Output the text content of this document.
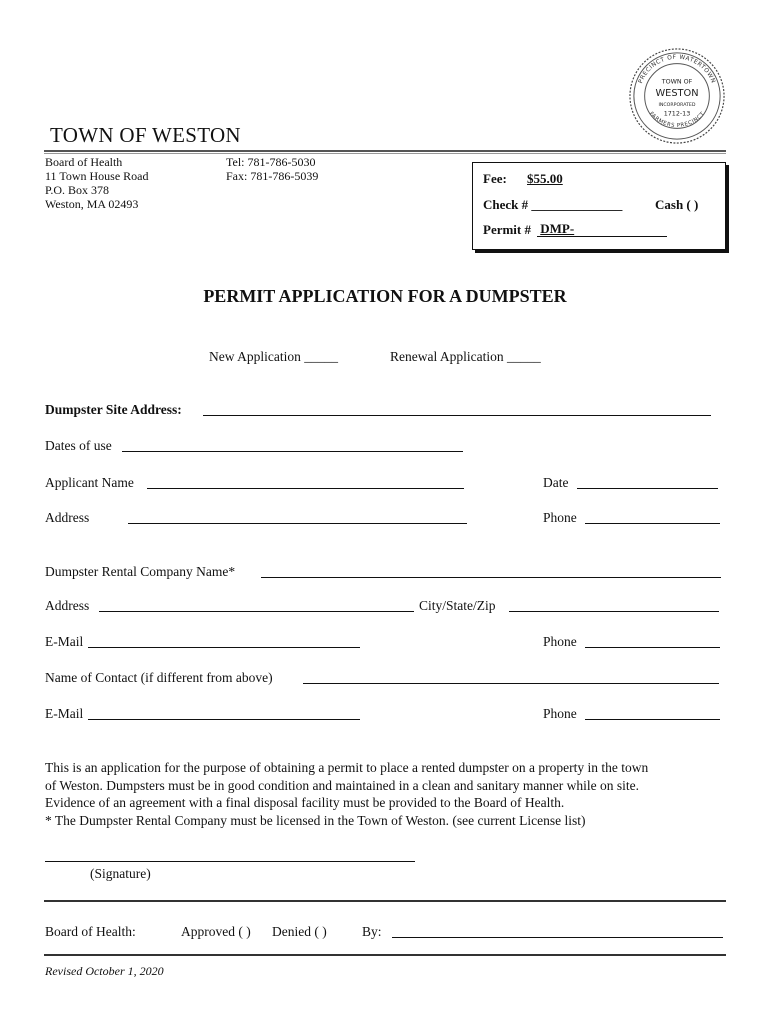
PRECINCT OF WATERTOWN
FARMERS PRECINCT
TOWN OF
WESTON
INCORPORATED
1712-13
TOWN OF WESTON
Board of Health
11 Town House Road
P.O. Box 378
Weston, MA 02493
Tel: 781-786-5030
Fax: 781-786-5039	Fee: $55.00
Check # ______________	Cash ( )
Permit # DMP-
PERMIT APPLICATION FOR A DUMPSTER
New Application _____	Renewal Application _____
Dumpster Site Address:
Dates of use
Applicant Name	Date
Address	Phone
Dumpster Rental Company Name*
Address	City/State/Zip
E-Mail	Phone
Name of Contact (if different from above)
E-Mail	Phone
This is an application for the purpose of obtaining a permit to place a rented dumpster on a property in the town
of Weston. Dumpsters must be in good condition and maintained in a clean and sanitary manner while on site.
Evidence of an agreement with a final disposal facility must be provided to the Board of Health.
* The Dumpster Rental Company must be licensed in the Town of Weston. (see current License list)
(Signature)
Board of Health:	Approved ( ) Denied ( )	By:
Revised October 1, 2020
